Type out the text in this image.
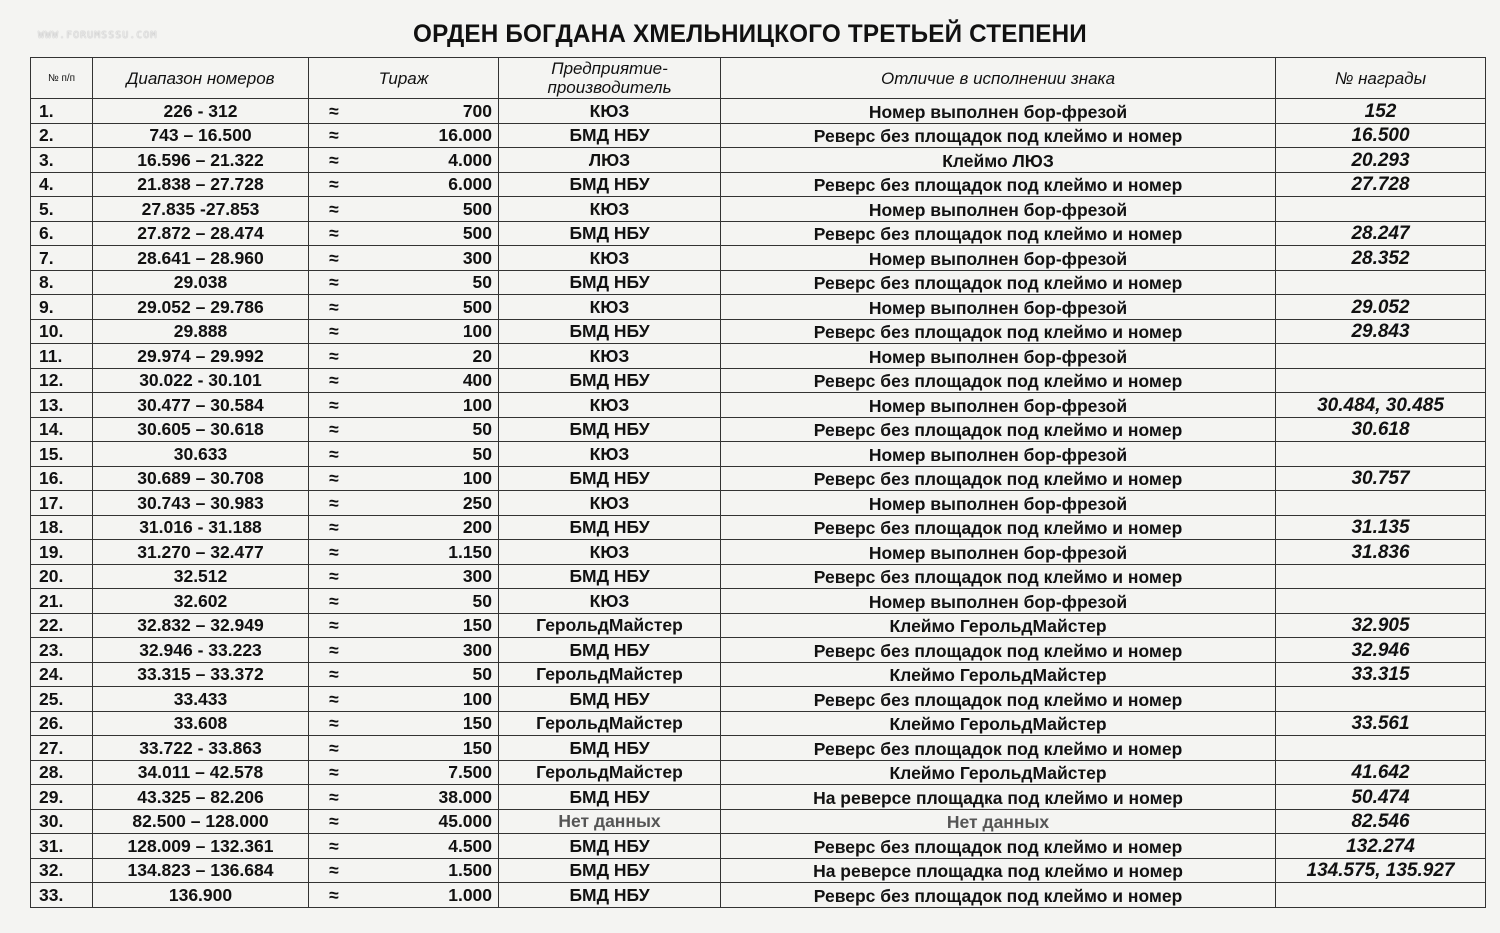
WWW.FORUMSSSU.COM	ОРДЕН БОГДАНА ХМЕЛЬНИЦКОГО ТРЕТЬЕЙ СТЕПЕНИ
№ п/п	Диапазон номеров	Тираж		Предприятие-производитель	Отличие в исполнении знака	№ награды
1.	226 - 312	≈	700	КЮЗ	Номер выполнен бор-фрезой	152
2.	743 – 16.500	≈	16.000	БМД НБУ	Реверс без площадок под клеймо и номер	16.500
3.	16.596 – 21.322	≈	4.000	ЛЮЗ	Клеймо ЛЮЗ	20.293
4.	21.838 – 27.728	≈	6.000	БМД НБУ	Реверс без площадок под клеймо и номер	27.728
5.	27.835 -27.853	≈	500	КЮЗ	Номер выполнен бор-фрезой	
6.	27.872 – 28.474	≈	500	БМД НБУ	Реверс без площадок под клеймо и номер	28.247
7.	28.641 – 28.960	≈	300	КЮЗ	Номер выполнен бор-фрезой	28.352
8.	29.038	≈	50	БМД НБУ	Реверс без площадок под клеймо и номер	
9.	29.052 – 29.786	≈	500	КЮЗ	Номер выполнен бор-фрезой	29.052
10.	29.888	≈	100	БМД НБУ	Реверс без площадок под клеймо и номер	29.843
11.	29.974 – 29.992	≈	20	КЮЗ	Номер выполнен бор-фрезой	
12.	30.022 - 30.101	≈	400	БМД НБУ	Реверс без площадок под клеймо и номер	
13.	30.477 – 30.584	≈	100	КЮЗ	Номер выполнен бор-фрезой	30.484, 30.485
14.	30.605 – 30.618	≈	50	БМД НБУ	Реверс без площадок под клеймо и номер	30.618
15.	30.633	≈	50	КЮЗ	Номер выполнен бор-фрезой	
16.	30.689 – 30.708	≈	100	БМД НБУ	Реверс без площадок под клеймо и номер	30.757
17.	30.743 – 30.983	≈	250	КЮЗ	Номер выполнен бор-фрезой	
18.	31.016 - 31.188	≈	200	БМД НБУ	Реверс без площадок под клеймо и номер	31.135
19.	31.270 – 32.477	≈	1.150	КЮЗ	Номер выполнен бор-фрезой	31.836
20.	32.512	≈	300	БМД НБУ	Реверс без площадок под клеймо и номер	
21.	32.602	≈	50	КЮЗ	Номер выполнен бор-фрезой	
22.	32.832 – 32.949	≈	150	ГерольдМайстер	Клеймо ГерольдМайстер	32.905
23.	32.946 - 33.223	≈	300	БМД НБУ	Реверс без площадок под клеймо и номер	32.946
24.	33.315 – 33.372	≈	50	ГерольдМайстер	Клеймо ГерольдМайстер	33.315
25.	33.433	≈	100	БМД НБУ	Реверс без площадок под клеймо и номер	
26.	33.608	≈	150	ГерольдМайстер	Клеймо ГерольдМайстер	33.561
27.	33.722 - 33.863	≈	150	БМД НБУ	Реверс без площадок под клеймо и номер	
28.	34.011 – 42.578	≈	7.500	ГерольдМайстер	Клеймо ГерольдМайстер	41.642
29.	43.325 – 82.206	≈	38.000	БМД НБУ	На реверсе площадка под клеймо и номер	50.474
30.	82.500 – 128.000	≈	45.000	Нет данных	Нет данных	82.546
31.	128.009 – 132.361	≈	4.500	БМД НБУ	Реверс без площадок под клеймо и номер	132.274
32.	134.823 – 136.684	≈	1.500	БМД НБУ	На реверсе площадка под клеймо и номер	134.575, 135.927
33.	136.900	≈	1.000	БМД НБУ	Реверс без площадок под клеймо и номер	
